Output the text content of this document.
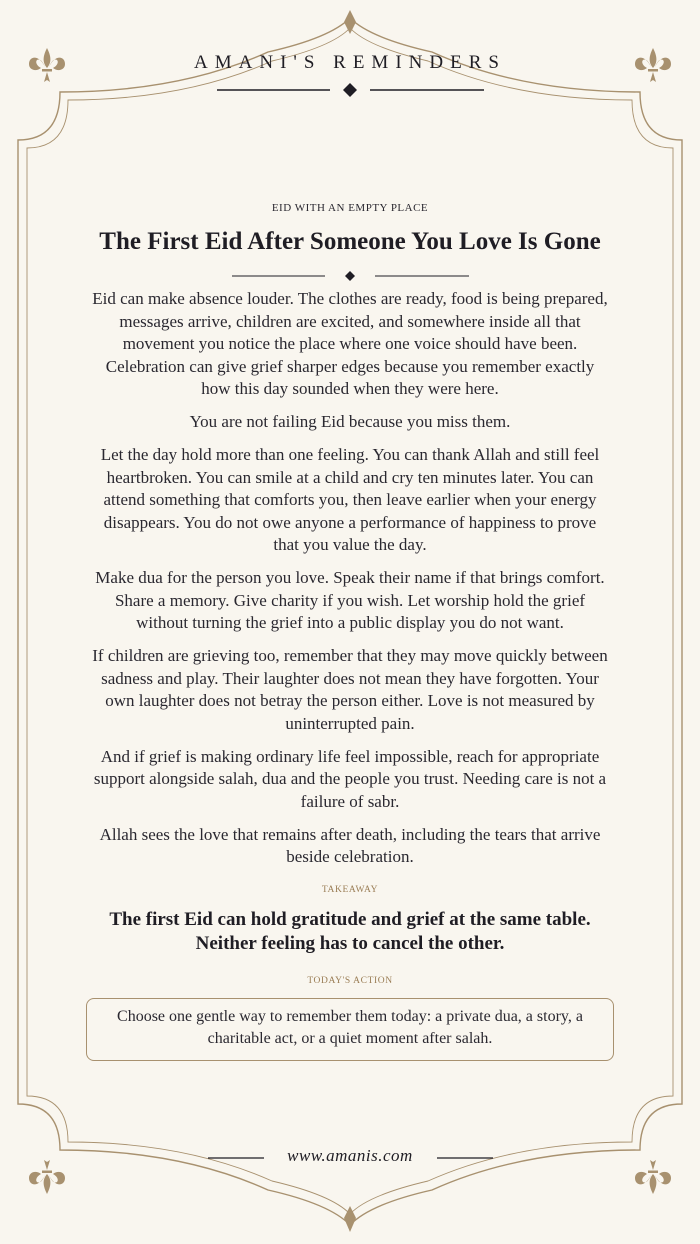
AMANI'S REMINDERS
EID WITH AN EMPTY PLACE
The First Eid After Someone You Love Is Gone

Eid can make absence louder. The clothes are ready, food is being prepared, messages arrive, children are excited, and somewhere inside all that movement you notice the place where one voice should have been. Celebration can give grief sharper edges because you remember exactly how this day sounded when they were here.

You are not failing Eid because you miss them.

Let the day hold more than one feeling. You can thank Allah and still feel heartbroken. You can smile at a child and cry ten minutes later. You can attend something that comforts you, then leave earlier when your energy disappears. You do not owe anyone a performance of happiness to prove that you value the day.

Make dua for the person you love. Speak their name if that brings comfort. Share a memory. Give charity if you wish. Let worship hold the grief without turning the grief into a public display you do not want.

If children are grieving too, remember that they may move quickly between sadness and play. Their laughter does not mean they have forgotten. Your own laughter does not betray the person either. Love is not measured by uninterrupted pain.

And if grief is making ordinary life feel impossible, reach for appropriate support alongside salah, dua and the people you trust. Needing care is not a failure of sabr.

Allah sees the love that remains after death, including the tears that arrive beside celebration.

TAKEAWAY
The first Eid can hold gratitude and grief at the same table. Neither feeling has to cancel the other.
TODAY'S ACTION
Choose one gentle way to remember them today: a private dua, a story, a charitable act, or a quiet moment after salah.
www.amanis.com
